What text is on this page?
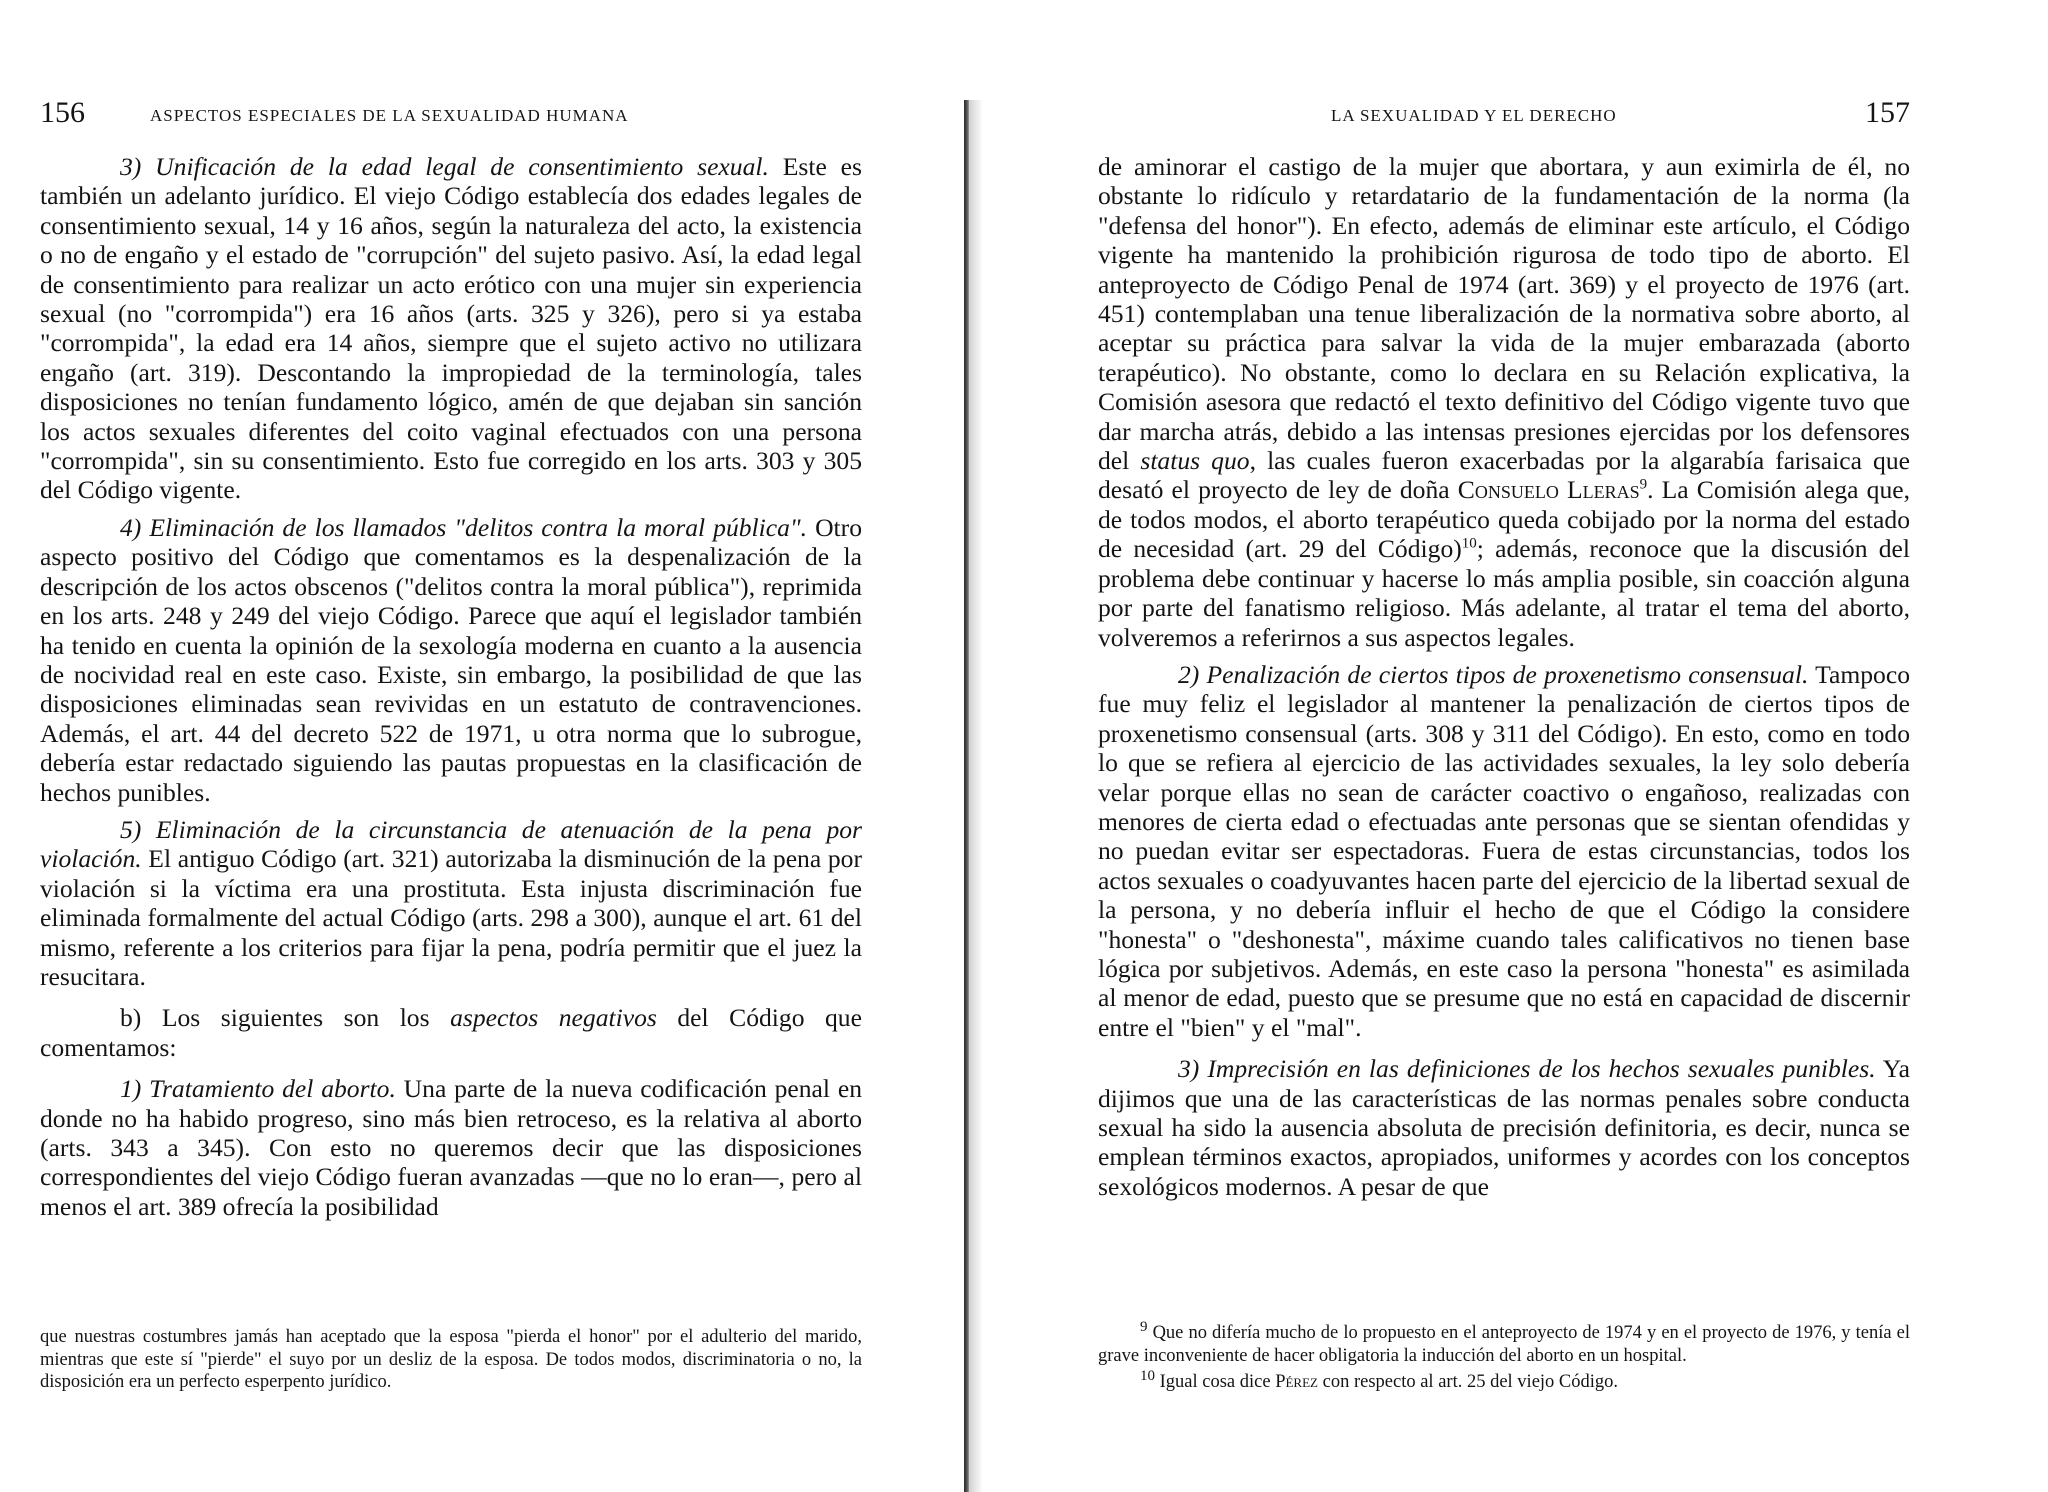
156	ASPECTOS ESPECIALES DE LA SEXUALIDAD HUMANA

3) Unificación de la edad legal de consentimiento sexual. Este es también un adelanto jurídico. El viejo Código establecía dos edades legales de consentimiento sexual, 14 y 16 años, según la naturaleza del acto, la existencia o no de engaño y el estado de "corrupción" del sujeto pasivo. Así, la edad legal de consentimiento para realizar un acto erótico con una mujer sin experiencia sexual (no "corrompida") era 16 años (arts. 325 y 326), pero si ya estaba "corrompida", la edad era 14 años, siempre que el sujeto activo no utilizara engaño (art. 319). Descontando la impropiedad de la terminología, tales disposiciones no tenían fundamento lógico, amén de que dejaban sin sanción los actos sexuales diferentes del coito vaginal efectuados con una persona "corrompida", sin su consentimiento. Esto fue corregido en los arts. 303 y 305 del Código vigente.

4) Eliminación de los llamados "delitos contra la moral pública". Otro aspecto positivo del Código que comentamos es la despenalización de la descripción de los actos obscenos ("delitos contra la moral pública"), reprimida en los arts. 248 y 249 del viejo Código. Parece que aquí el legislador también ha tenido en cuenta la opinión de la sexología moderna en cuanto a la ausencia de nocividad real en este caso. Existe, sin embargo, la posibilidad de que las disposiciones eliminadas sean revividas en un estatuto de contravenciones. Además, el art. 44 del decreto 522 de 1971, u otra norma que lo subrogue, debería estar redactado siguiendo las pautas propuestas en la clasificación de hechos punibles.

5) Eliminación de la circunstancia de atenuación de la pena por violación. El antiguo Código (art. 321) autorizaba la disminución de la pena por violación si la víctima era una prostituta. Esta injusta discriminación fue eliminada formalmente del actual Código (arts. 298 a 300), aunque el art. 61 del mismo, referente a los criterios para fijar la pena, podría permitir que el juez la resucitara.

b) Los siguientes son los aspectos negativos del Código que comentamos:

1) Tratamiento del aborto. Una parte de la nueva codificación penal en donde no ha habido progreso, sino más bien retroceso, es la relativa al aborto (arts. 343 a 345). Con esto no queremos decir que las disposiciones correspondientes del viejo Código fueran avanzadas —que no lo eran—, pero al menos el art. 389 ofrecía la posibilidad

que nuestras costumbres jamás han aceptado que la esposa "pierda el honor" por el adulterio del marido, mientras que este sí "pierde" el suyo por un desliz de la esposa. De todos modos, discriminatoria o no, la disposición era un perfecto esperpento jurídico.

LA SEXUALIDAD Y EL DERECHO	157

de aminorar el castigo de la mujer que abortara, y aun eximirla de él, no obstante lo ridículo y retardatario de la fundamentación de la norma (la "defensa del honor"). En efecto, además de eliminar este artículo, el Código vigente ha mantenido la prohibición rigurosa de todo tipo de aborto. El anteproyecto de Código Penal de 1974 (art. 369) y el proyecto de 1976 (art. 451) contemplaban una tenue liberalización de la normativa sobre aborto, al aceptar su práctica para salvar la vida de la mujer embarazada (aborto terapéutico). No obstante, como lo declara en su Relación explicativa, la Comisión asesora que redactó el texto definitivo del Código vigente tuvo que dar marcha atrás, debido a las intensas presiones ejercidas por los defensores del status quo, las cuales fueron exacerbadas por la algarabía farisaica que desató el proyecto de ley de doña Consuelo Lleras$^9$. La Comisión alega que, de todos modos, el aborto terapéutico queda cobijado por la norma del estado de necesidad (art. 29 del Código)$^{10}$; además, reconoce que la discusión del problema debe continuar y hacerse lo más amplia posible, sin coacción alguna por parte del fanatismo religioso. Más adelante, al tratar el tema del aborto, volveremos a referirnos a sus aspectos legales.

2) Penalización de ciertos tipos de proxenetismo consensual. Tampoco fue muy feliz el legislador al mantener la penalización de ciertos tipos de proxenetismo consensual (arts. 308 y 311 del Código). En esto, como en todo lo que se refiera al ejercicio de las actividades sexuales, la ley solo debería velar porque ellas no sean de carácter coactivo o engañoso, realizadas con menores de cierta edad o efectuadas ante personas que se sientan ofendidas y no puedan evitar ser espectadoras. Fuera de estas circunstancias, todos los actos sexuales o coadyuvantes hacen parte del ejercicio de la libertad sexual de la persona, y no debería influir el hecho de que el Código la considere "honesta" o "deshonesta", máxime cuando tales calificativos no tienen base lógica por subjetivos. Además, en este caso la persona "honesta" es asimilada al menor de edad, puesto que se presume que no está en capacidad de discernir entre el "bien" y el "mal".

3) Imprecisión en las definiciones de los hechos sexuales punibles. Ya dijimos que una de las características de las normas penales sobre conducta sexual ha sido la ausencia absoluta de precisión definitoria, es decir, nunca se emplean términos exactos, apropiados, uniformes y acordes con los conceptos sexológicos modernos. A pesar de que

$^9$ Que no difería mucho de lo propuesto en el anteproyecto de 1974 y en el proyecto de 1976, y tenía el grave inconveniente de hacer obligatoria la inducción del aborto en un hospital.

$^{10}$ Igual cosa dice Pérez con respecto al art. 25 del viejo Código.
